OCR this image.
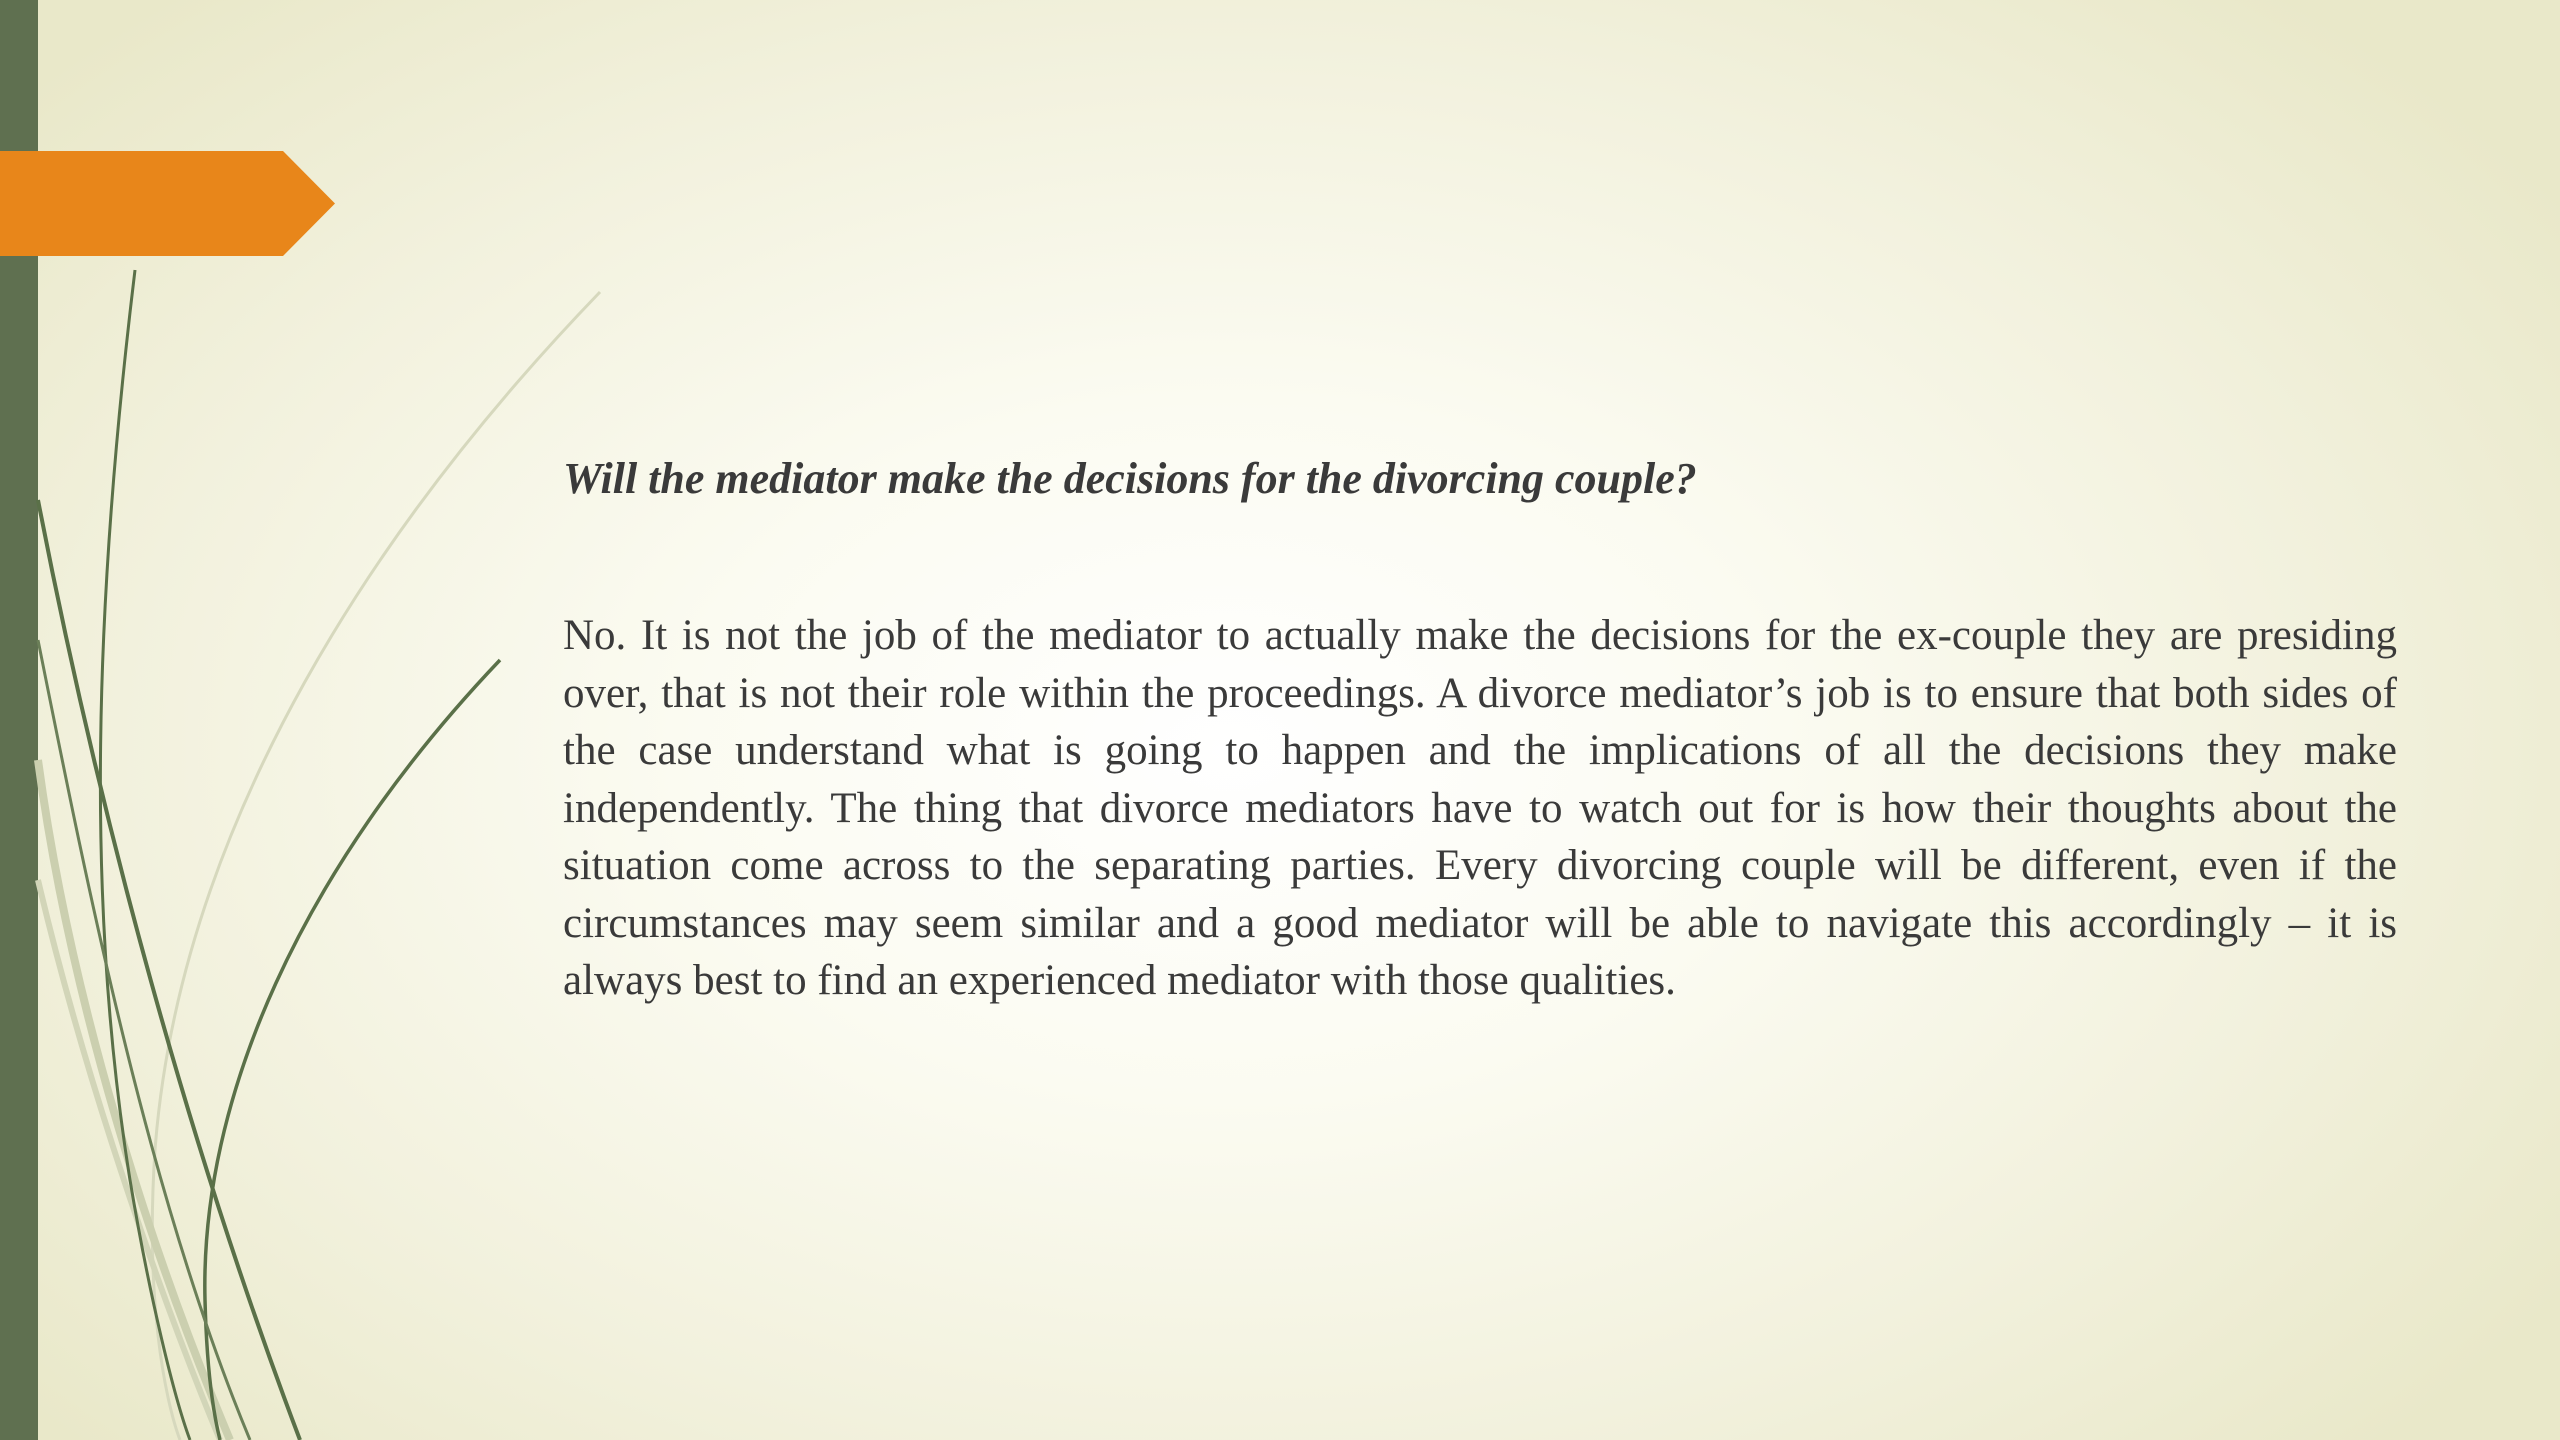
Will the mediator make the decisions for the divorcing couple?

No. It is not the job of the mediator to actually make the decisions for the ex-couple they are presiding over, that is not their role within the proceedings. A divorce mediator’s job is to ensure that both sides of the case understand what is going to happen and the implications of all the decisions they make independently. The thing that divorce mediators have to watch out for is how their thoughts about the situation come across to the separating parties. Every divorcing couple will be different, even if the circumstances may seem similar and a good mediator will be able to navigate this accordingly – it is always best to find an experienced mediator with those qualities.
